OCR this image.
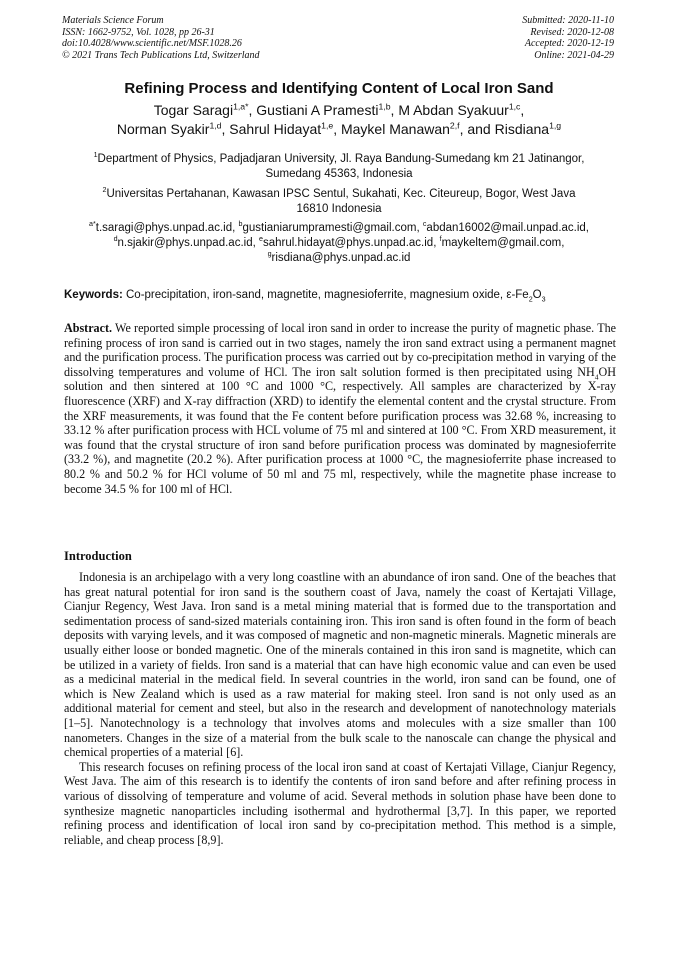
Materials Science Forum
ISSN: 1662-9752, Vol. 1028, pp 26-31
doi:10.4028/www.scientific.net/MSF.1028.26
© 2021 Trans Tech Publications Ltd, Switzerland
Submitted: 2020-11-10
Revised: 2020-12-08
Accepted: 2020-12-19
Online: 2021-04-29
Refining Process and Identifying Content of Local Iron Sand
Togar Saragi$^{1,a*}$, Gustiani A Pramesti$^{1,b}$, M Abdan Syakuur$^{1,c}$,
Norman Syakir$^{1,d}$, Sahrul Hidayat$^{1,e}$, Maykel Manawan$^{2,f}$, and Risdiana$^{1,g}$
$^1$Department of Physics, Padjadjaran University, Jl. Raya Bandung-Sumedang km 21 Jatinangor,
Sumedang 45363, Indonesia
$^2$Universitas Pertahanan, Kawasan IPSC Sentul, Sukahati, Kec. Citeureup, Bogor, West Java
16810 Indonesia
$^{a*}$t.saragi@phys.unpad.ac.id, $^b$gustianiarumpramesti@gmail.com, $^c$abdan16002@mail.unpad.ac.id,
$^d$n.sjakir@phys.unpad.ac.id, $^e$sahrul.hidayat@phys.unpad.ac.id, $^f$maykeltem@gmail.com,
$^g$risdiana@phys.unpad.ac.id
Keywords: Co-precipitation, iron-sand, magnetite, magnesioferrite, magnesium oxide, $\varepsilon-Fe_2O_3$
Abstract. We reported simple processing of local iron sand in order to increase the purity of magnetic phase. The refining process of iron sand is carried out in two stages, namely the iron sand extract using a permanent magnet and the purification process. The purification process was carried out by co-precipitation method in varying of the dissolving temperatures and volume of HCl. The iron salt solution formed is then precipitated using $NH_4OH$ solution and then sintered at 100 °C and 1000 °C, respectively. All samples are characterized by X-ray fluorescence (XRF) and X-ray diffraction (XRD) to identify the elemental content and the crystal structure. From the XRF measurements, it was found that the Fe content before purification process was 32.68 %, increasing to 33.12 % after purification process with HCL volume of 75 ml and sintered at 100 °C. From XRD measurement, it was found that the crystal structure of iron sand before purification process was dominated by magnesioferrite (33.2 %), and magnetite (20.2 %). After purification process at 1000 °C, the magnesioferrite phase increased to 80.2 % and 50.2 % for HCl volume of 50 ml and 75 ml, respectively, while the magnetite phase increase to become 34.5 % for 100 ml of HCl.
Introduction

Indonesia is an archipelago with a very long coastline with an abundance of iron sand. One of the beaches that has great natural potential for iron sand is the southern coast of Java, namely the coast of Kertajati Village, Cianjur Regency, West Java. Iron sand is a metal mining material that is formed due to the transportation and sedimentation process of sand-sized materials containing iron. This iron sand is often found in the form of beach deposits with varying levels, and it was composed of magnetic and non-magnetic minerals. Magnetic minerals are usually either loose or bonded magnetic. One of the minerals contained in this iron sand is magnetite, which can be utilized in a variety of fields. Iron sand is a material that can have high economic value and can even be used as a medicinal material in the medical field. In several countries in the world, iron sand can be found, one of which is New Zealand which is used as a raw material for making steel. Iron sand is not only used as an additional material for cement and steel, but also in the research and development of nanotechnology materials [1–5]. Nanotechnology is a technology that involves atoms and molecules with a size smaller than 100 nanometers. Changes in the size of a material from the bulk scale to the nanoscale can change the physical and chemical properties of a material [6].

This research focuses on refining process of the local iron sand at coast of Kertajati Village, Cianjur Regency, West Java. The aim of this research is to identify the contents of iron sand before and after refining process in various of dissolving of temperature and volume of acid. Several methods in solution phase have been done to synthesize magnetic nanoparticles including isothermal and hydrothermal [3,7]. In this paper, we reported refining process and identification of local iron sand by co-precipitation method. This method is a simple, reliable, and cheap process [8,9].
